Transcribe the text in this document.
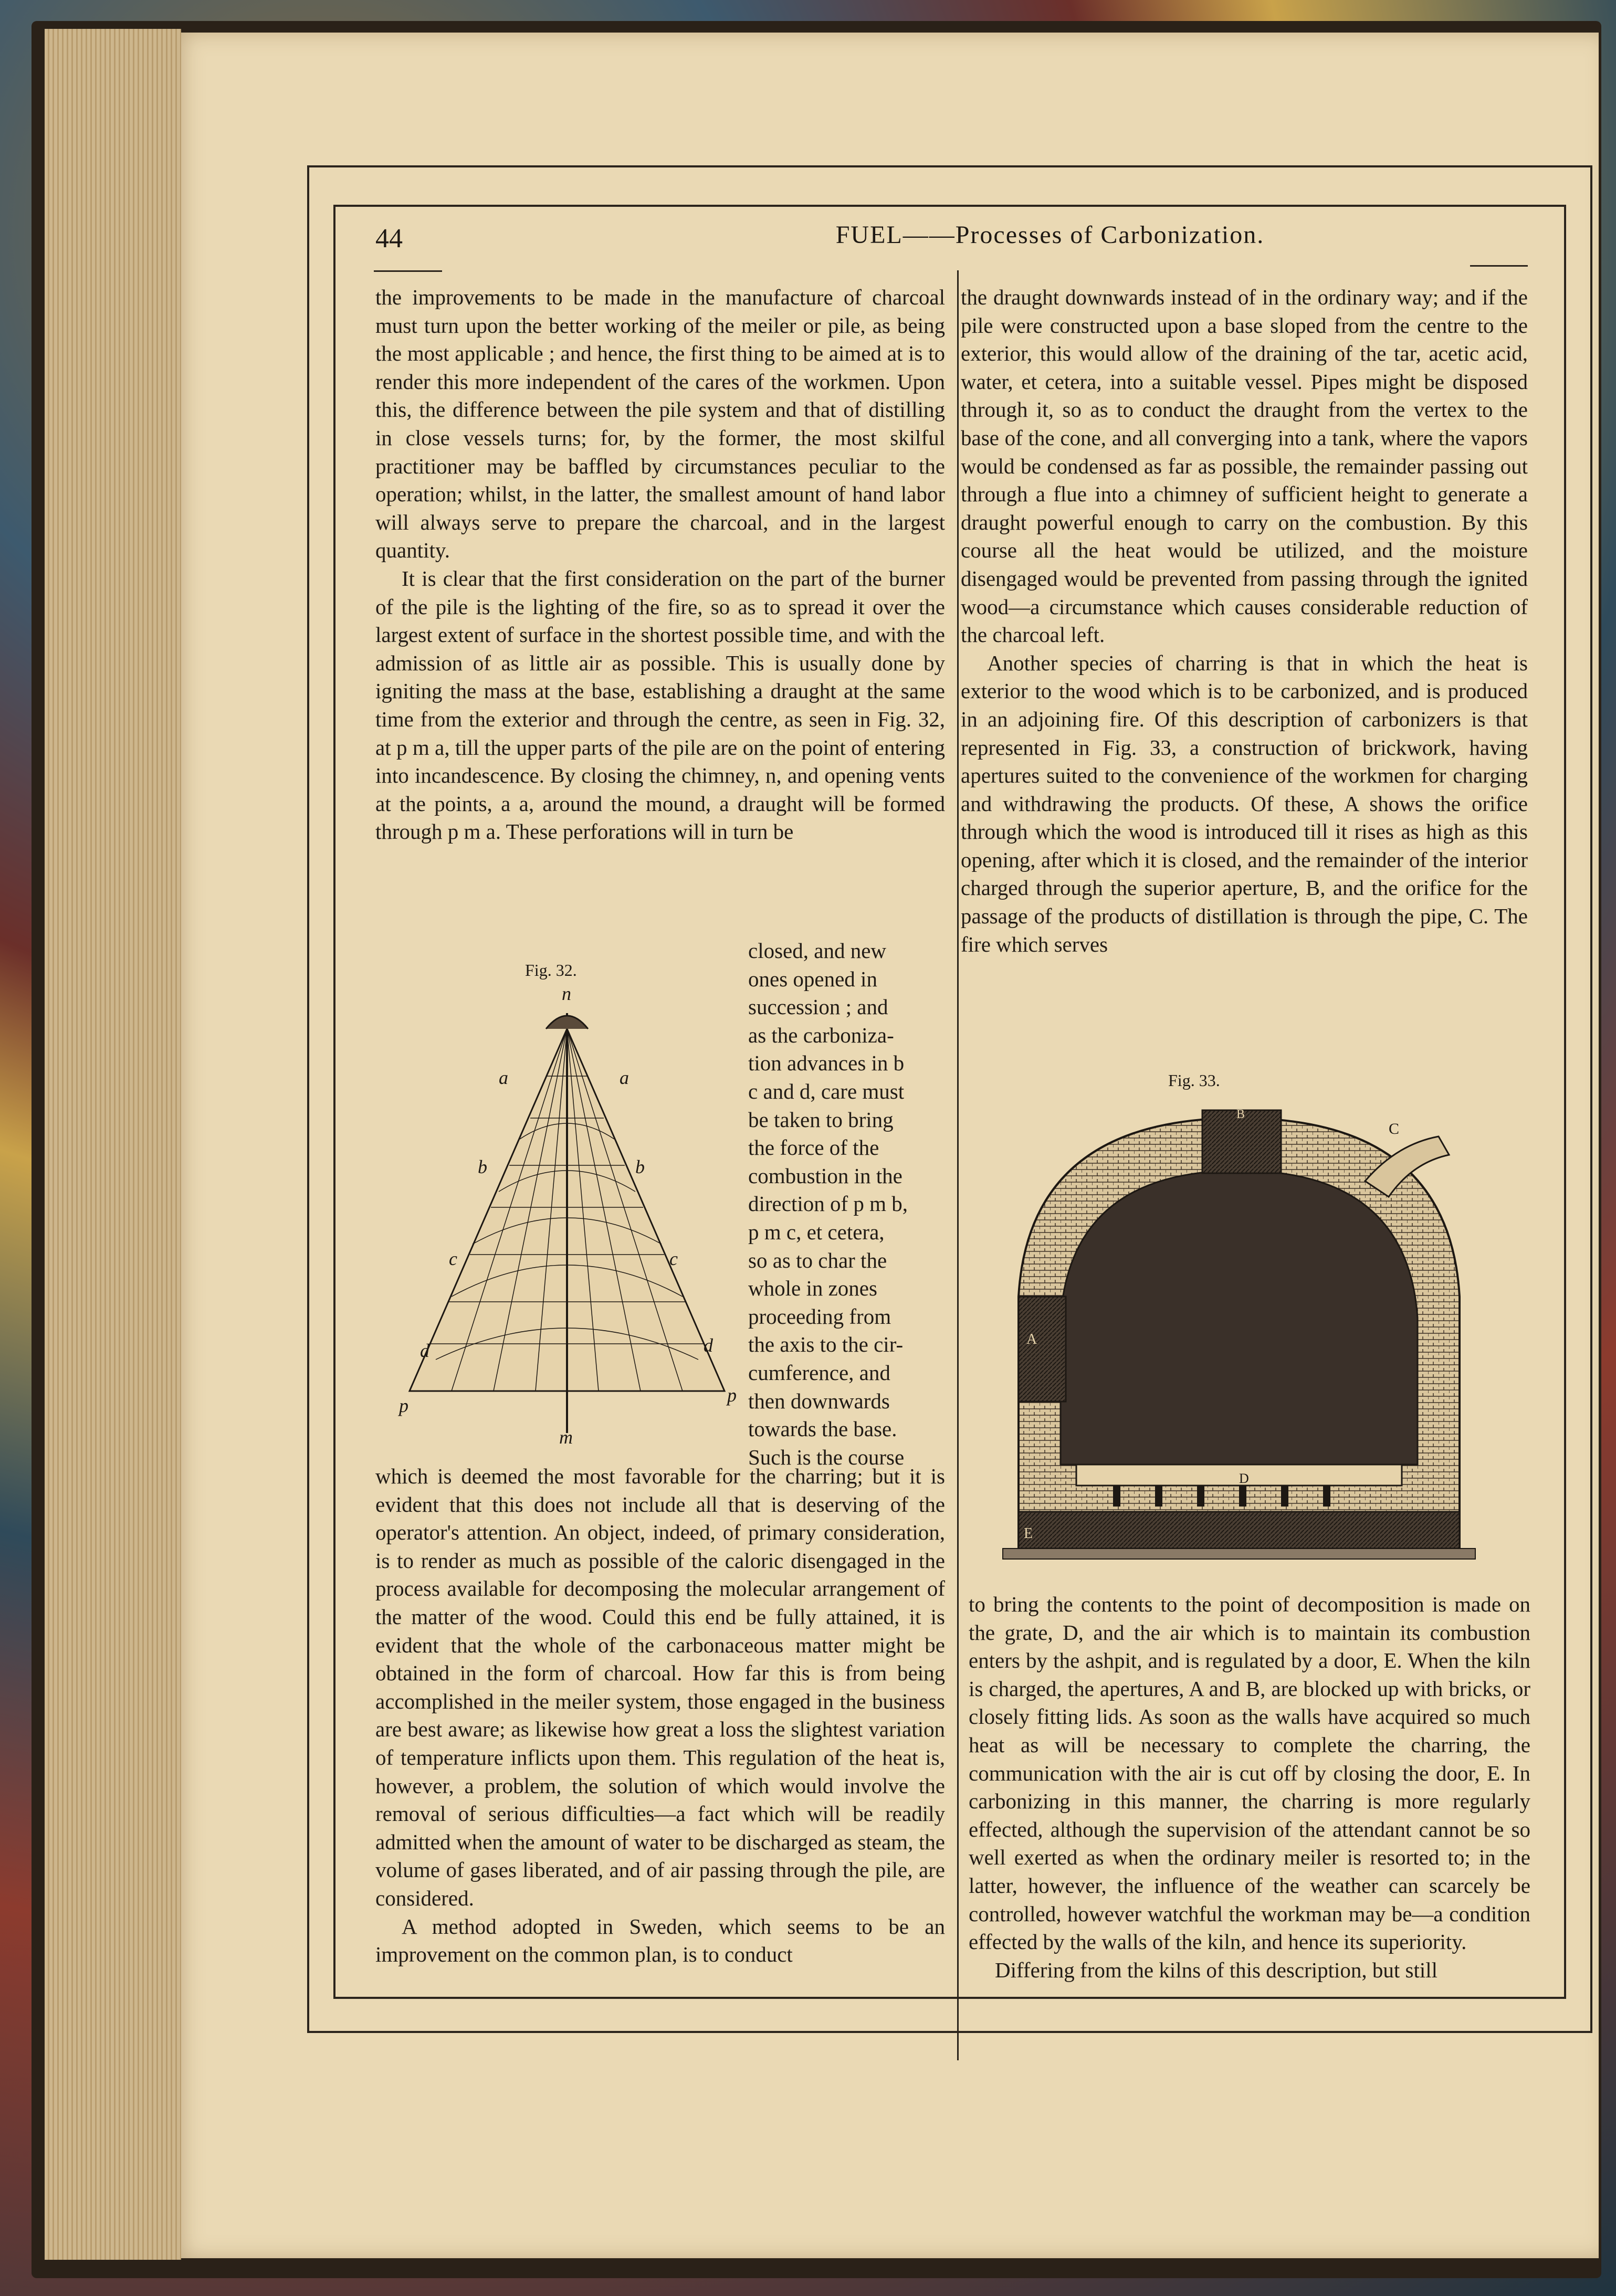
44	FUEL——Processes of Carbonization.

the improvements to be made in the manufacture of charcoal must turn upon the better working of the meiler or pile, as being the most applicable ; and hence, the first thing to be aimed at is to render this more independent of the cares of the workmen. Upon this, the difference between the pile system and that of distilling in close vessels turns; for, by the former, the most skilful practitioner may be baffled by circumstances peculiar to the operation; whilst, in the latter, the smallest amount of hand labor will always serve to prepare the charcoal, and in the largest quantity.

It is clear that the first consideration on the part of the burner of the pile is the lighting of the fire, so as to spread it over the largest extent of surface in the shortest possible time, and with the admission of as little air as possible. This is usually done by igniting the mass at the base, establishing a draught at the same time from the exterior and through the centre, as seen in Fig. 32, at p m a, till the upper parts of the pile are on the point of entering into incandescence. By closing the chimney, n, and opening vents at the points, a a, around the mound, a draught will be formed through p m a. These perforations will in turn be

Fig. 32.
n
a	a
b	b
c	c
d	d
p	p
m
closed, and new
ones opened in
succession ; and
as the carboniza-
tion advances in b
c and d, care must
be taken to bring
the force of the
combustion in the
direction of p m b,
p m c, et cetera,
so as to char the
whole in zones
proceeding from
the axis to the cir-
cumference, and
then downwards
towards the base.
Such is the course

which is deemed the most favorable for the charring; but it is evident that this does not include all that is deserving of the operator's attention. An object, indeed, of primary consideration, is to render as much as possible of the caloric disengaged in the process available for decomposing the molecular arrangement of the matter of the wood. Could this end be fully attained, it is evident that the whole of the carbonaceous matter might be obtained in the form of charcoal. How far this is from being accomplished in the meiler system, those engaged in the business are best aware; as likewise how great a loss the slightest variation of temperature inflicts upon them. This regulation of the heat is, however, a problem, the solution of which would involve the removal of serious difficulties—a fact which will be readily admitted when the amount of water to be discharged as steam, the volume of gases liberated, and of air passing through the pile, are considered.

A method adopted in Sweden, which seems to be an improvement on the common plan, is to conduct

the draught downwards instead of in the ordinary way; and if the pile were constructed upon a base sloped from the centre to the exterior, this would allow of the draining of the tar, acetic acid, water, et cetera, into a suitable vessel. Pipes might be disposed through it, so as to conduct the draught from the vertex to the base of the cone, and all converging into a tank, where the vapors would be condensed as far as possible, the remainder passing out through a flue into a chimney of sufficient height to generate a draught powerful enough to carry on the combustion. By this course all the heat would be utilized, and the moisture disengaged would be prevented from passing through the ignited wood—a circumstance which causes considerable reduction of the charcoal left.

Another species of charring is that in which the heat is exterior to the wood which is to be carbonized, and is produced in an adjoining fire. Of this description of carbonizers is that represented in Fig. 33, a construction of brickwork, having apertures suited to the convenience of the workmen for charging and withdrawing the products. Of these, A shows the orifice through which the wood is introduced till it rises as high as this opening, after which it is closed, and the remainder of the interior charged through the superior aperture, B, and the orifice for the passage of the products of distillation is through the pipe, C. The fire which serves

Fig. 33.
B
C
A
D
E

to bring the contents to the point of decomposition is made on the grate, D, and the air which is to maintain its combustion enters by the ashpit, and is regulated by a door, E. When the kiln is charged, the apertures, A and B, are blocked up with bricks, or closely fitting lids. As soon as the walls have acquired so much heat as will be necessary to complete the charring, the communication with the air is cut off by closing the door, E. In carbonizing in this manner, the charring is more regularly effected, although the supervision of the attendant cannot be so well exerted as when the ordinary meiler is resorted to; in the latter, however, the influence of the weather can scarcely be controlled, however watchful the workman may be—a condition effected by the walls of the kiln, and hence its superiority.

Differing from the kilns of this description, but still
